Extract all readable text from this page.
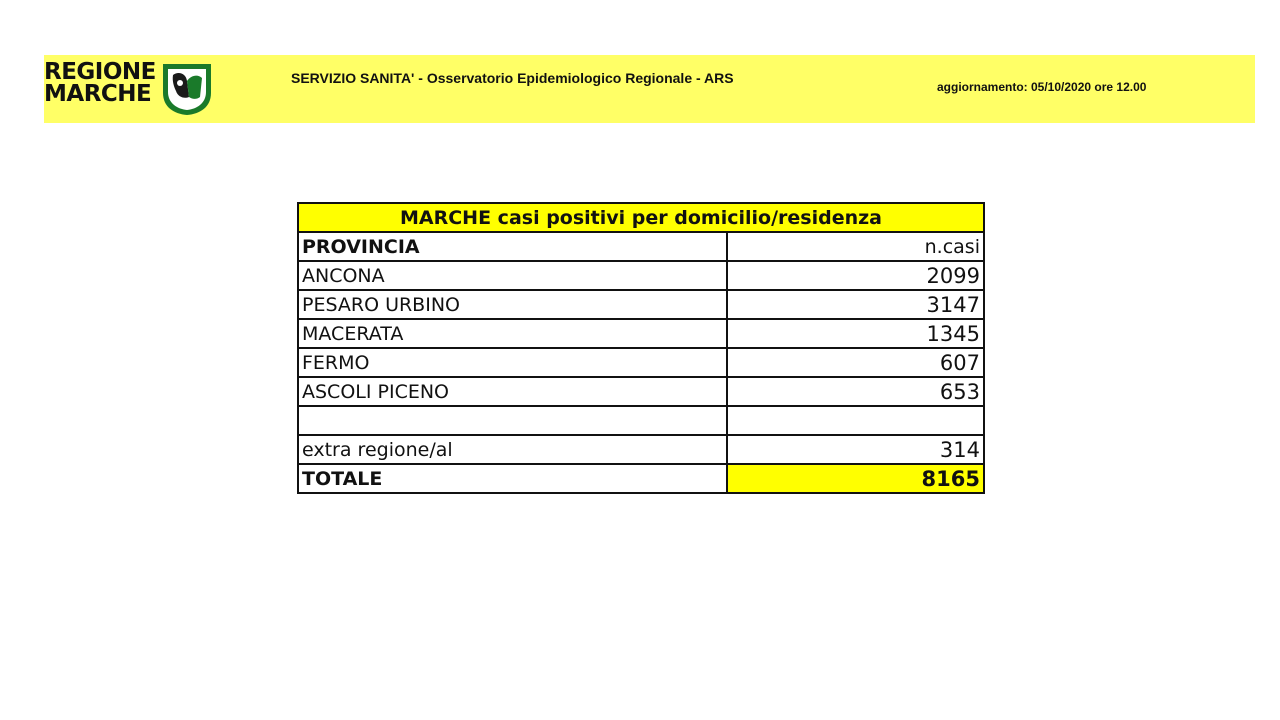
REGIONE
MARCHE
SERVIZIO SANITA' - Osservatorio Epidemiologico Regionale - ARS
aggiornamento: 05/10/2020 ore 12.00
MARCHE casi positivi per domicilio/residenza	
PROVINCIA	n.casi
ANCONA	2099
PESARO URBINO	3147
MACERATA	1345
FERMO	607
ASCOLI PICENO	653

extra regione/al	314
TOTALE	8165
